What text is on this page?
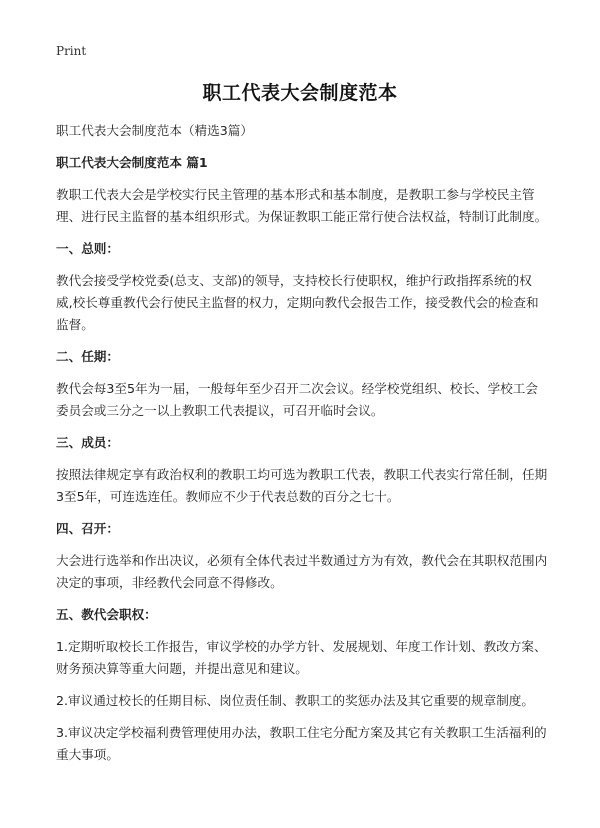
Print
职工代表大会制度范本

职工代表大会制度范本（精选3篇）

职工代表大会制度范本 篇1

教职工代表大会是学校实行民主管理的基本形式和基本制度，是教职工参与学校民主管理、进行民主监督的基本组织形式。为保证教职工能正常行使合法权益，特制订此制度。

一、总则：

教代会接受学校党委(总支、支部)的领导，支持校长行使职权，维护行政指挥系统的权威,校长尊重教代会行使民主监督的权力，定期向教代会报告工作，接受教代会的检查和监督。

二、任期：

教代会每3至5年为一届，一般每年至少召开二次会议。经学校党组织、校长、学校工会委员会或三分之一以上教职工代表提议，可召开临时会议。

三、成员：

按照法律规定享有政治权利的教职工均可选为教职工代表，教职工代表实行常任制，任期3至5年，可连选连任。教师应不少于代表总数的百分之七十。

四、召开：

大会进行选举和作出决议，必须有全体代表过半数通过方为有效，教代会在其职权范围内决定的事项，非经教代会同意不得修改。

五、教代会职权：

1.定期听取校长工作报告，审议学校的办学方针、发展规划、年度工作计划、教改方案、财务预决算等重大问题，并提出意见和建议。

2.审议通过校长的任期目标、岗位责任制、教职工的奖惩办法及其它重要的规章制度。

3.审议决定学校福利费管理使用办法，教职工住宅分配方案及其它有关教职工生活福利的重大事项。
